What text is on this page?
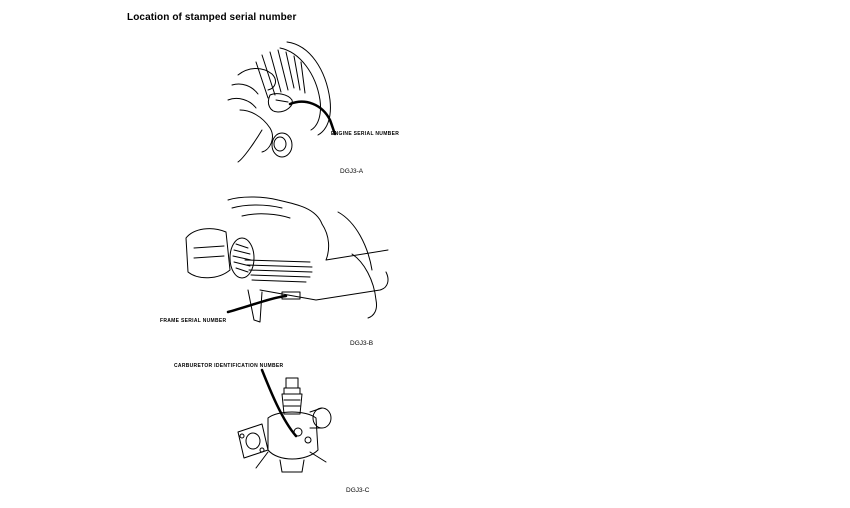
Location of stamped serial number
ENGINE SERIAL NUMBER
DGJ3-A
FRAME SERIAL NUMBER
DGJ3-B
CARBURETOR IDENTIFICATION NUMBER
DGJ3-C
